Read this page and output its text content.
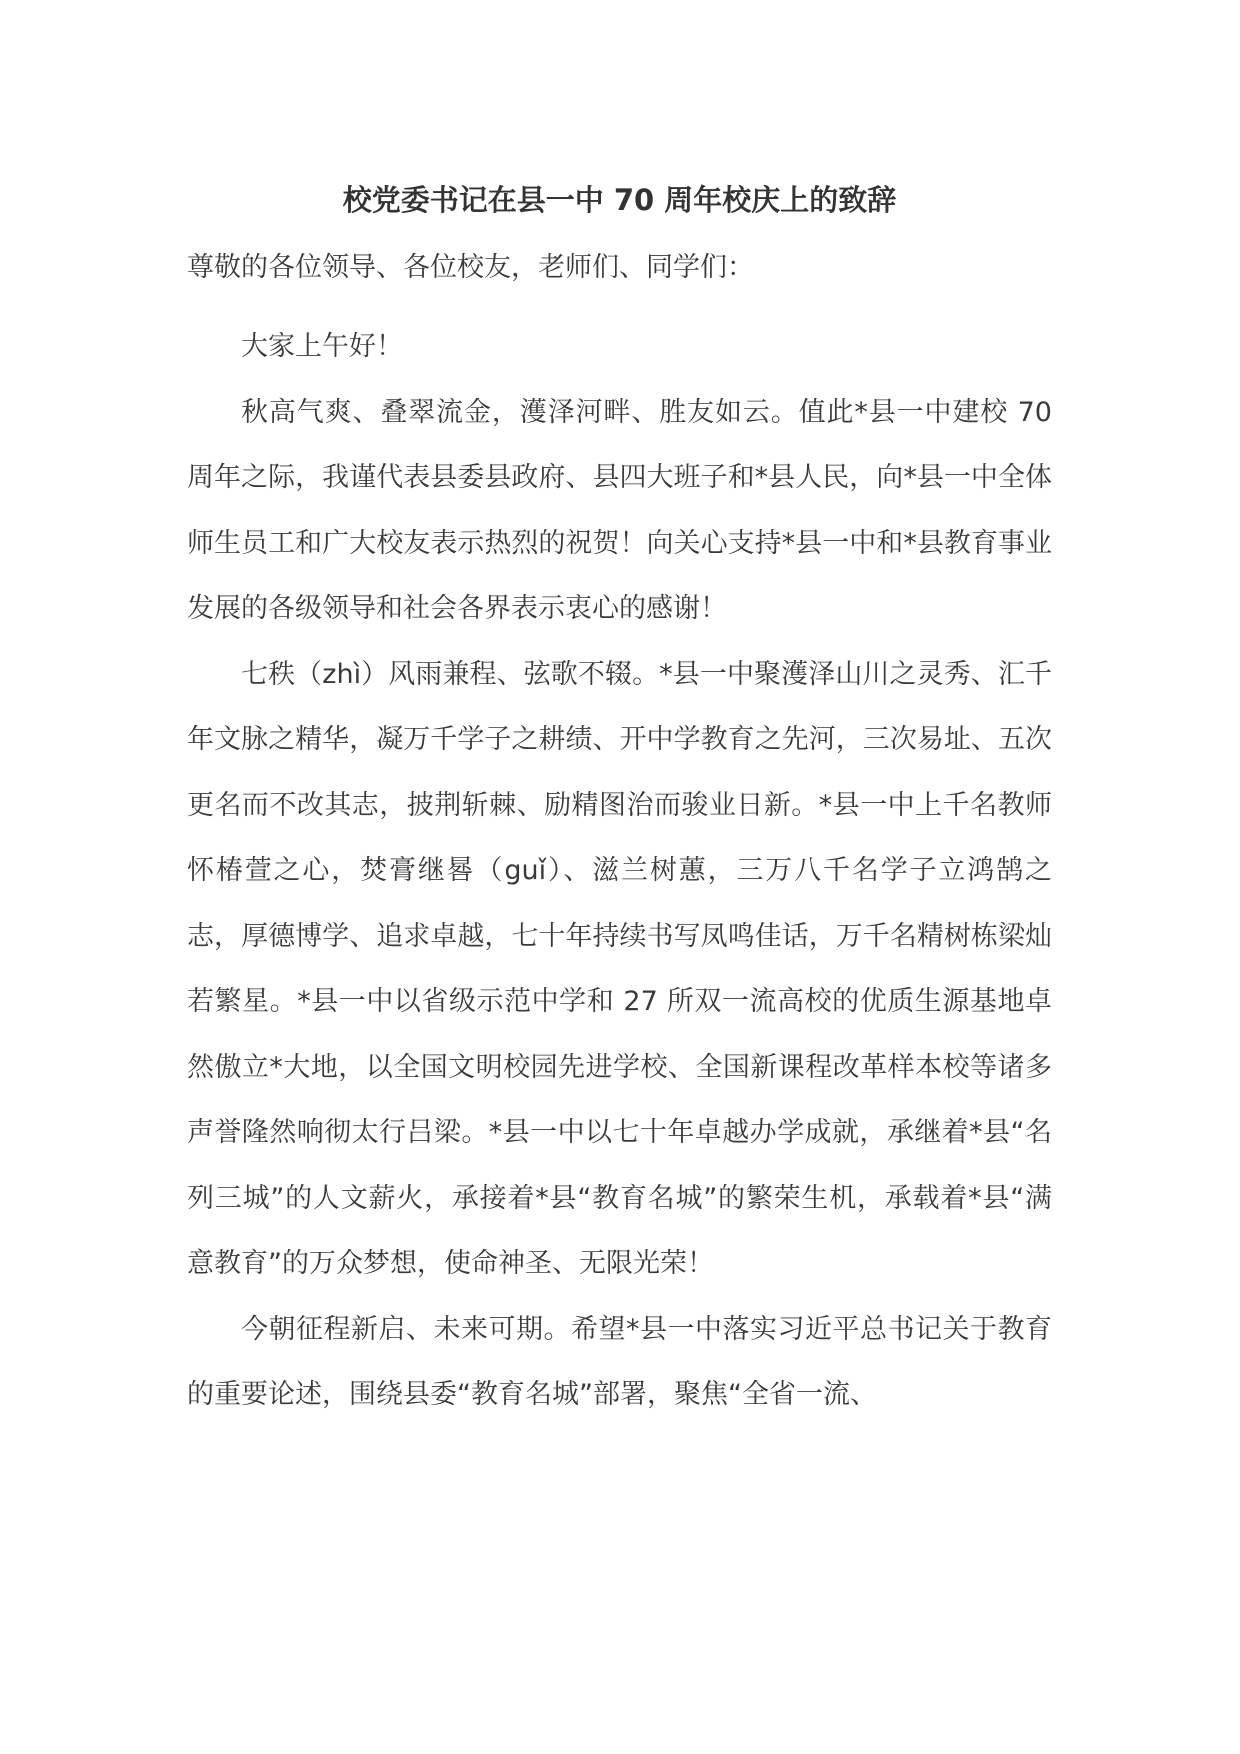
校党委书记在县一中 70 周年校庆上的致辞

尊敬的各位领导、各位校友，老师们、同学们：

大家上午好！

秋高气爽、叠翠流金，濩泽河畔、胜友如云。值此*县一中建校 70 周年之际，我谨代表县委县政府、县四大班子和*县人民，向*县一中全体师生员工和广大校友表示热烈的祝贺！向关心支持*县一中和*县教育事业发展的各级领导和社会各界表示衷心的感谢！

七秩（zhì）风雨兼程、弦歌不辍。*县一中聚濩泽山川之灵秀、汇千年文脉之精华，凝万千学子之耕绩、开中学教育之先河，三次易址、五次更名而不改其志，披荆斩棘、励精图治而骏业日新。*县一中上千名教师怀椿萱之心，焚膏继晷（guǐ）、滋兰树蕙，三万八千名学子立鸿鹄之志，厚德博学、追求卓越，七十年持续书写凤鸣佳话，万千名精树栋梁灿若繁星。*县一中以省级示范中学和 27 所双一流高校的优质生源基地卓然傲立*大地，以全国文明校园先进学校、全国新课程改革样本校等诸多声誉隆然响彻太行吕梁。*县一中以七十年卓越办学成就，承继着*县“名列三城”的人文薪火，承接着*县“教育名城”的繁荣生机，承载着*县“满意教育”的万众梦想，使命神圣、无限光荣！

今朝征程新启、未来可期。希望*县一中落实习近平总书记关于教育的重要论述，围绕县委“教育名城”部署，聚焦“全省一流、
